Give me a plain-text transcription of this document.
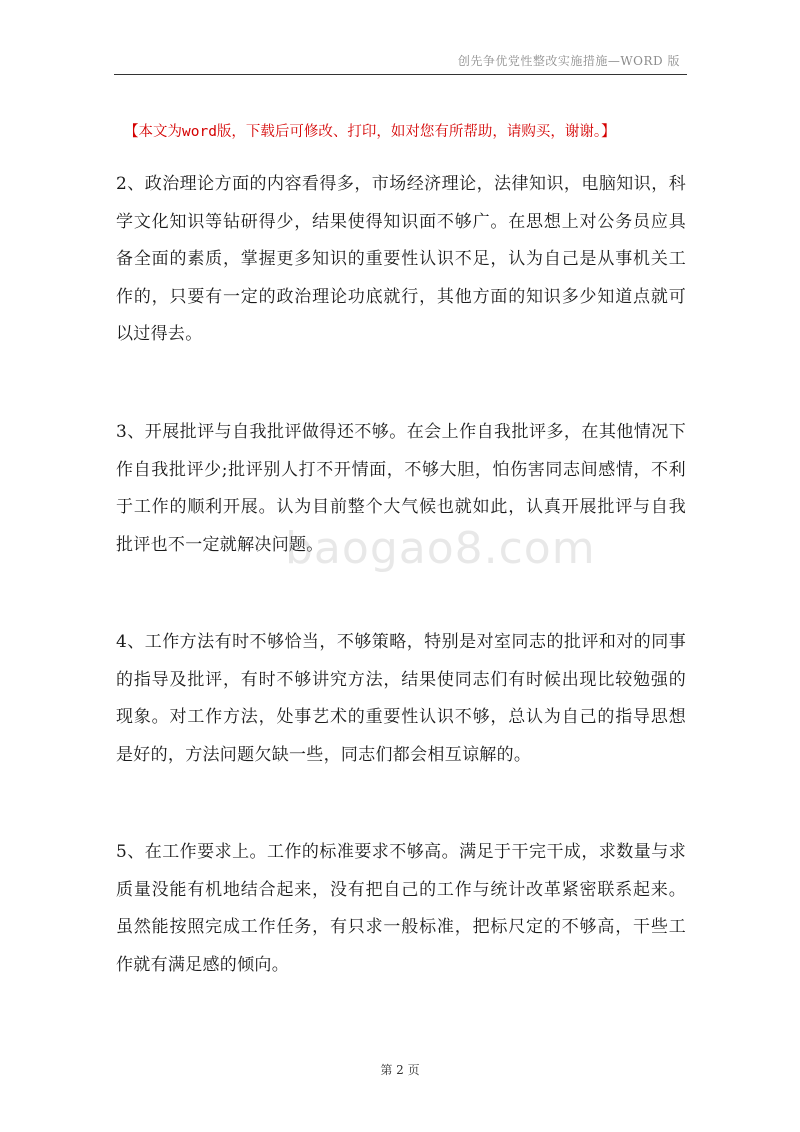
创先争优党性整改实施措施—WORD 版
【本文为word版，下载后可修改、打印，如对您有所帮助，请购买，谢谢。】

2、政治理论方面的内容看得多，市场经济理论，法律知识，电脑知识，科学文化知识等钻研得少，结果使得知识面不够广。在思想上对公务员应具备全面的素质，掌握更多知识的重要性认识不足，认为自己是从事机关工作的，只要有一定的政治理论功底就行，其他方面的知识多少知道点就可以过得去。

3、开展批评与自我批评做得还不够。在会上作自我批评多，在其他情况下作自我批评少;批评别人打不开情面，不够大胆，怕伤害同志间感情，不利于工作的顺利开展。认为目前整个大气候也就如此，认真开展批评与自我批评也不一定就解决问题。

4、工作方法有时不够恰当，不够策略，特别是对室同志的批评和对的同事的指导及批评，有时不够讲究方法，结果使同志们有时候出现比较勉强的现象。对工作方法，处事艺术的重要性认识不够，总认为自己的指导思想是好的，方法问题欠缺一些，同志们都会相互谅解的。

5、在工作要求上。工作的标准要求不够高。满足于干完干成，求数量与求质量没能有机地结合起来，没有把自己的工作与统计改革紧密联系起来。虽然能按照完成工作任务，有只求一般标准，把标尺定的不够高，干些工作就有满足感的倾向。

baogao8.com
第 2 页
